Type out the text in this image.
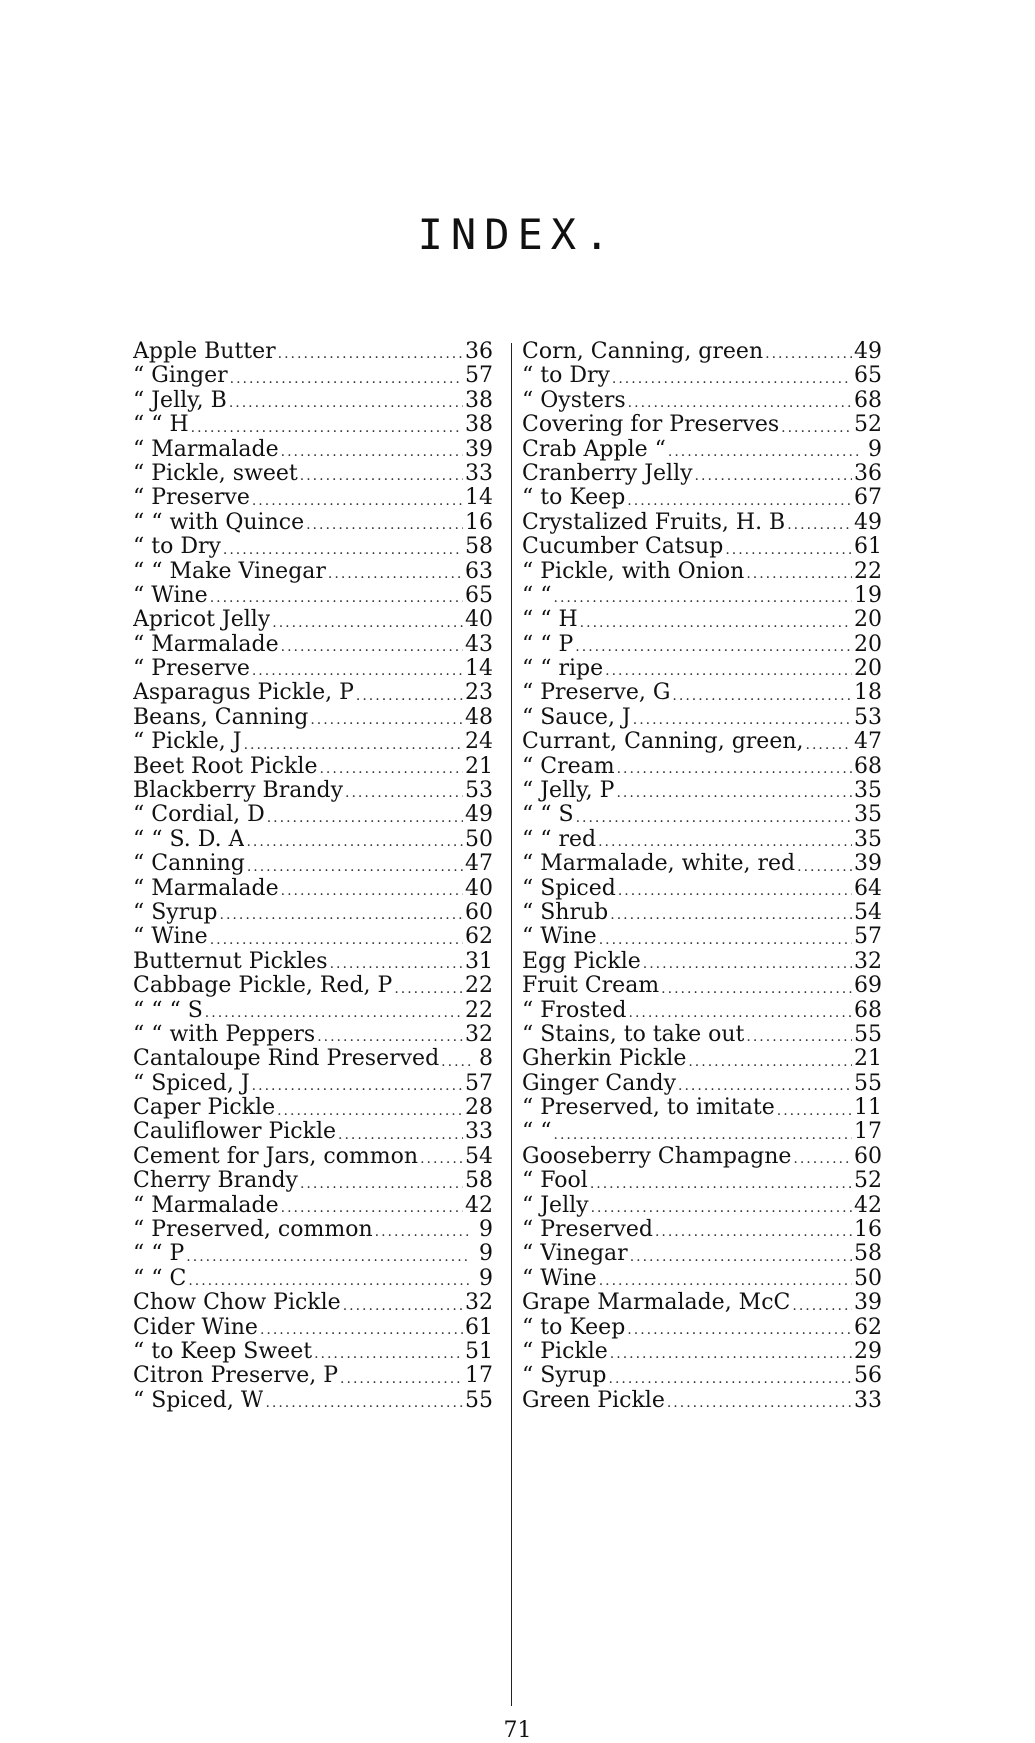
INDEX.
Apple Butter .....	36
“ Ginger .....	57
“ Jelly, B .....	38
“ “ H .....	38
“ Marmalade .....	39
“ Pickle, sweet .....	33
“ Preserve .....	14
“ “ with Quince .....	16
“ to Dry .....	58
“ “ Make Vinegar .....	63
“ Wine .....	65
Apricot Jelly .....	40
“ Marmalade .....	43
“ Preserve .....	14
Asparagus Pickle, P .....	23
Beans, Canning .....	48
“ Pickle, J .....	24
Beet Root Pickle .....	21
Blackberry Brandy .....	53
“ Cordial, D .....	49
“ “ S. D. A .....	50
“ Canning .....	47
“ Marmalade .....	40
“ Syrup .....	60
“ Wine .....	62
Butternut Pickles .....	31
Cabbage Pickle, Red, P .....	22
“ “ “ S .....	22
“ “ with Peppers .....	32
Cantaloupe Rind Preserved ..... 8
“ Spiced, J .....	57
Caper Pickle .....	28
Cauliflower Pickle .....	33
Cement for Jars, common ..... 54
Cherry Brandy .....	58
“ Marmalade .....	42
“ Preserved, common .....	9
“ “ P .....	9
“ “ C .....	9
Chow Chow Pickle .....	32
Cider Wine .....	61
“ to Keep Sweet .....	51
Citron Preserve, P .....	17
“ Spiced, W .....	55
Corn, Canning, green .....	49
“ to Dry .....	65
“ Oysters .....	68
Covering for Preserves .....	52
Crab Apple “ .....	9
Cranberry Jelly .....	36
“ to Keep .....	67
Crystalized Fruits, H. B .....	49
Cucumber Catsup .....	61
“ Pickle, with Onion .....	22
“ “ .....	19
“ “ H .....	20
“ “ P .....	20
“ “ ripe .....	20
“ Preserve, G .....	18
“ Sauce, J .....	53
Currant, Canning, green, ..... 47
“ Cream .....	68
“ Jelly, P .....	35
“ “ S .....	35
“ “ red .....	35
“ Marmalade, white, red .....	39
“ Spiced .....	64
“ Shrub .....	54
“ Wine .....	57
Egg Pickle .....	32
Fruit Cream .....	69
“ Frosted .....	68
“ Stains, to take out .....	55
Gherkin Pickle .....	21
Ginger Candy .....	55
“ Preserved, to imitate .....	11
“ “ .....	17
Gooseberry Champagne .....	60
“ Fool .....	52
“ Jelly .....	42
“ Preserved .....	16
“ Vinegar .....	58
“ Wine .....	50
Grape Marmalade, McC .....	39
“ to Keep .....	62
“ Pickle .....	29
“ Syrup .....	56
Green Pickle .....	33
71
